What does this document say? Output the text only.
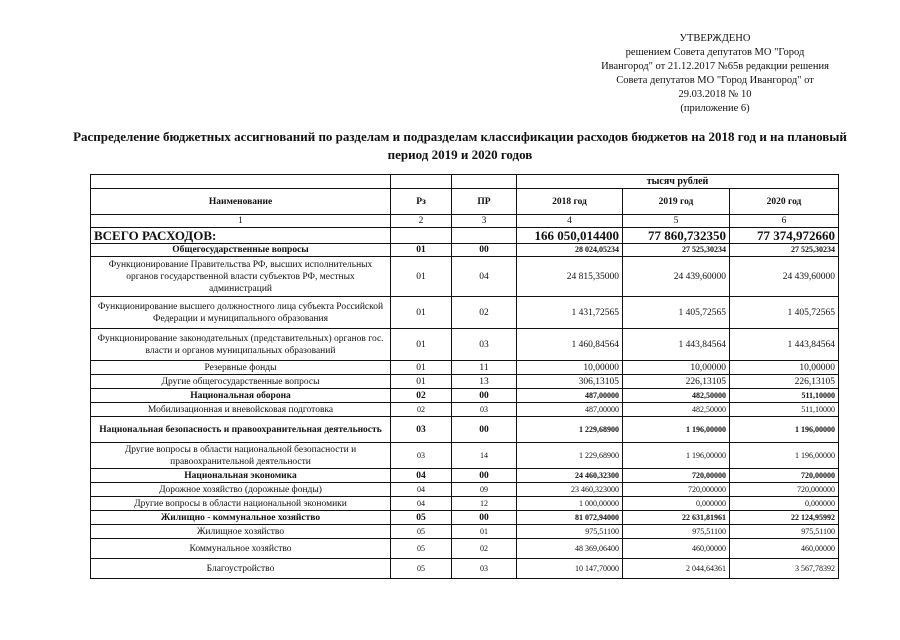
УТВЕРЖДЕНО
решением Совета депутатов МО "Город
Ивангород" от 21.12.2017 №65в редакции решения
Совета депутатов МО "Город Ивангород" от
29.03.2018 № 10
(приложение 6)
Распределение бюджетных ассигнований по разделам и подразделам классификации расходов бюджетов на 2018 год и на плановый
период 2019 и 2020 годов
			тысяч рублей		
Наименование	Рз	ПР	2018 год	2019 год	2020 год
1	2	3	4	5	6
ВСЕГО РАСХОДОВ:			166 050,014400	77 860,732350	77 374,972660
Общегосударственные вопросы	01	00	28 024,05234	27 525,30234	27 525,30234
Функционирование Правительства РФ, высших исполнительных органов государственной власти субъектов РФ, местных администраций	01	04	24 815,35000	24 439,60000	24 439,60000
Функционирование высшего должностного лица субъекта Российской Федерации и муниципального образования	01	02	1 431,72565	1 405,72565	1 405,72565
Функционирование законодательных (представительных) органов гос. власти и органов муниципальных образований	01	03	1 460,84564	1 443,84564	1 443,84564
Резервные фонды	01	11	10,00000	10,00000	10,00000
Другие общегосударственные вопросы	01	13	306,13105	226,13105	226,13105
Национальная оборона	02	00	487,00000	482,50000	511,10000
Мобилизационная и вневойсковая подготовка	02	03	487,00000	482,50000	511,10000
Национальная безопасность и правоохранительная деятельность	03	00	1 229,68900	1 196,00000	1 196,00000
Другие вопросы в области национальной безопасности и правоохранительной деятельности	03	14	1 229,68900	1 196,00000	1 196,00000
Национальная экономика	04	00	24 460,32300	720,00000	720,00000
Дорожное хозяйство (дорожные фонды)	04	09	23 460,323000	720,000000	720,000000
Другие вопросы в области национальной экономики	04	12	1 000,00000	0,000000	0,000000
Жилищно - коммунальное хозяйство	05	00	81 072,94000	22 631,81961	22 124,95992
Жилищное хозяйство	05	01	975,51100	975,51100	975,51100
Коммунальное хозяйство	05	02	48 369,06400	460,00000	460,00000
Благоустройство	05	03	10 147,70000	2 044,64361	3 567,78392
